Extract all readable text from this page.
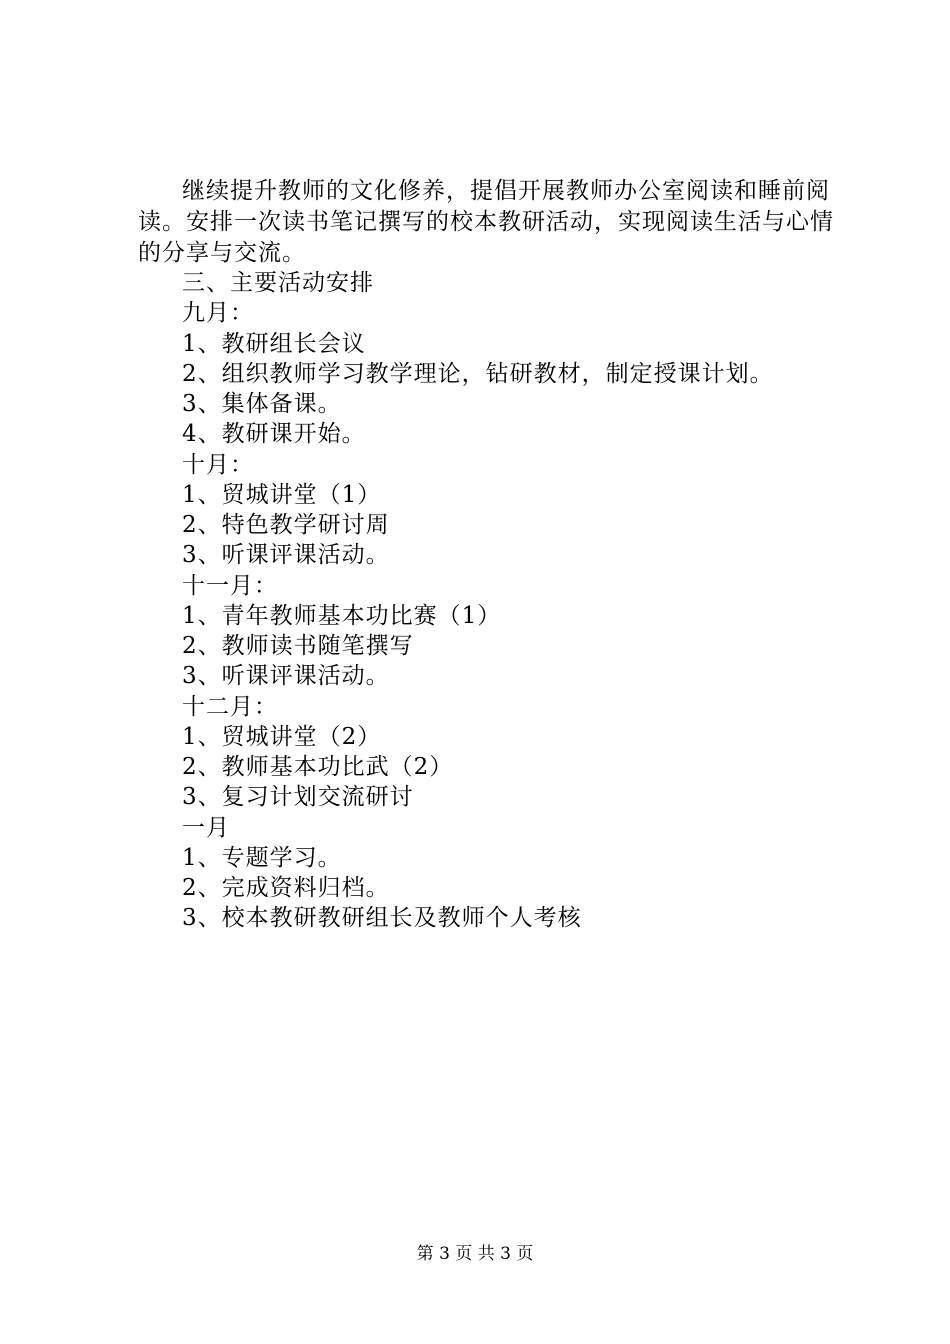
继续提升教师的文化修养，提倡开展教师办公室阅读和睡前阅读。安排一次读书笔记撰写的校本教研活动，实现阅读生活与心情的分享与交流。

三、主要活动安排
九月：
1、教研组长会议
2、组织教师学习教学理论，钻研教材，制定授课计划。
3、集体备课。
4、教研课开始。
十月：
1、贸城讲堂（1）
2、特色教学研讨周
3、听课评课活动。
十一月：
1、青年教师基本功比赛（1）
2、教师读书随笔撰写
3、听课评课活动。
十二月：
1、贸城讲堂（2）
2、教师基本功比武（2）
3、复习计划交流研讨
一月
1、专题学习。
2、完成资料归档。
3、校本教研教研组长及教师个人考核
第 3 页 共 3 页
